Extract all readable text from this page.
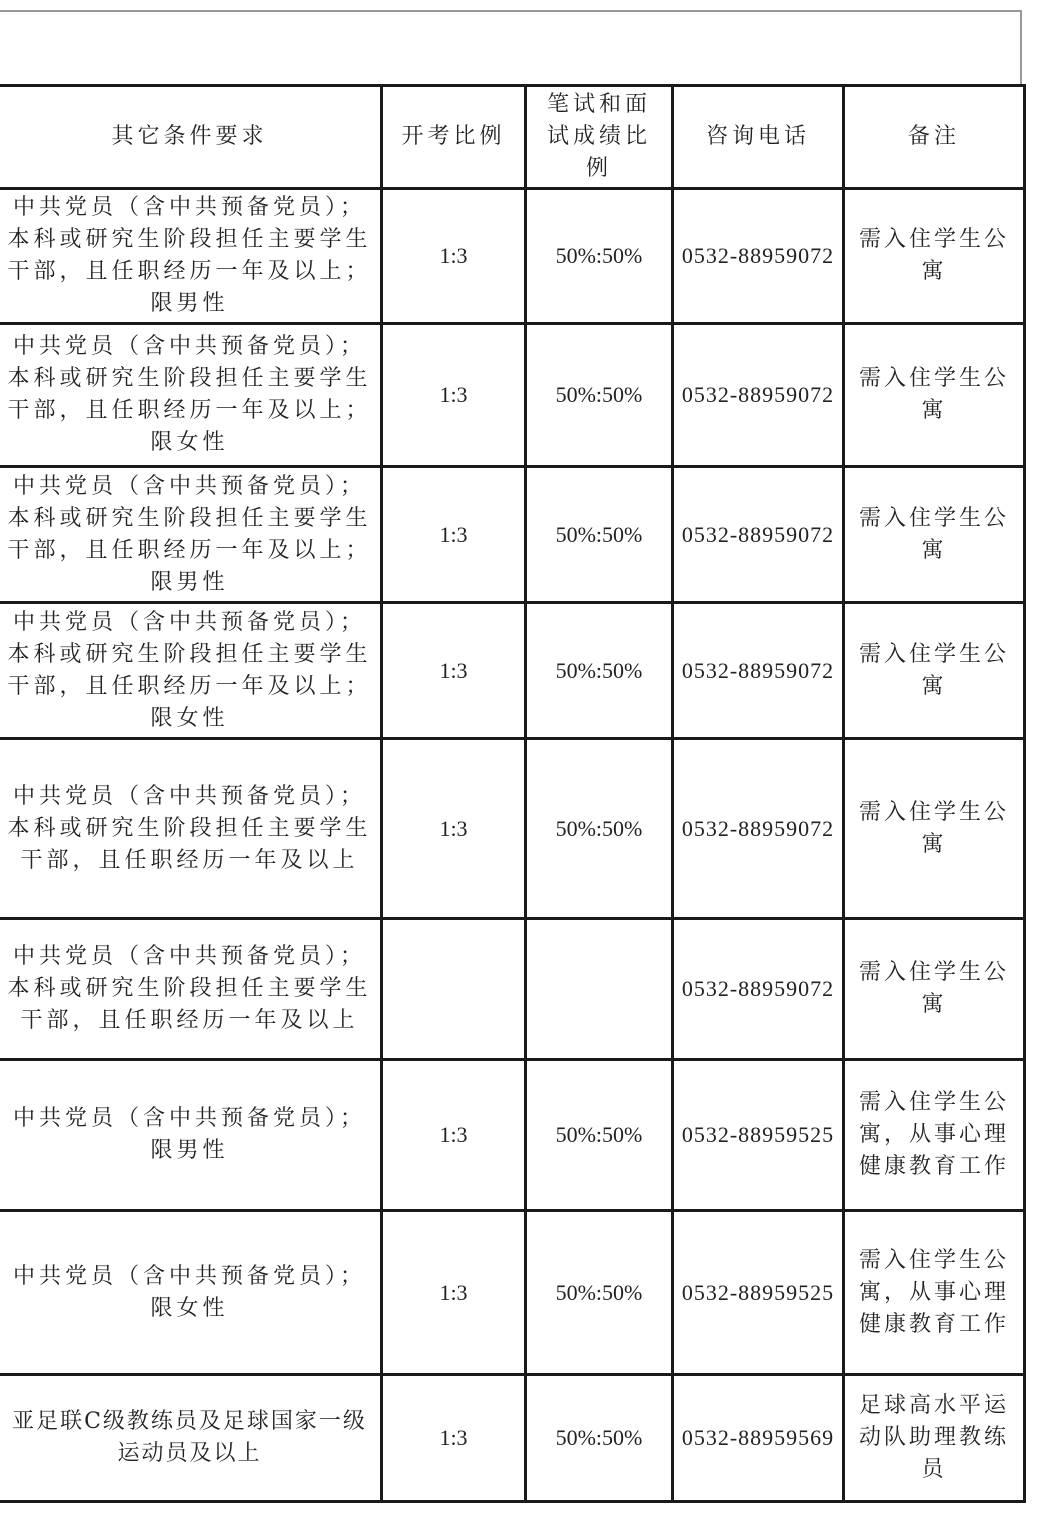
其它条件要求	开考比例	笔试和面试成绩比例	咨询电话	备注
中共党员（含中共预备党员）；本科或研究生阶段担任主要学生干部，且任职经历一年及以上；限男性	1:3	50%:50%	0532-88959072	需入住学生公寓
中共党员（含中共预备党员）；本科或研究生阶段担任主要学生干部，且任职经历一年及以上；限女性	1:3	50%:50%	0532-88959072	需入住学生公寓
中共党员（含中共预备党员）；本科或研究生阶段担任主要学生干部，且任职经历一年及以上；限男性	1:3	50%:50%	0532-88959072	需入住学生公寓
中共党员（含中共预备党员）；本科或研究生阶段担任主要学生干部，且任职经历一年及以上；限女性	1:3	50%:50%	0532-88959072	需入住学生公寓
中共党员（含中共预备党员）；本科或研究生阶段担任主要学生干部，且任职经历一年及以上	1:3	50%:50%	0532-88959072	需入住学生公寓
中共党员（含中共预备党员）；本科或研究生阶段担任主要学生干部，且任职经历一年及以上			0532-88959072	需入住学生公寓
中共党员（含中共预备党员）；限男性	1:3	50%:50%	0532-88959525	需入住学生公寓，从事心理健康教育工作
中共党员（含中共预备党员）；限女性	1:3	50%:50%	0532-88959525	需入住学生公寓，从事心理健康教育工作
亚足联C级教练员及足球国家一级运动员及以上	1:3	50%:50%	0532-88959569	足球高水平运动队助理教练员
